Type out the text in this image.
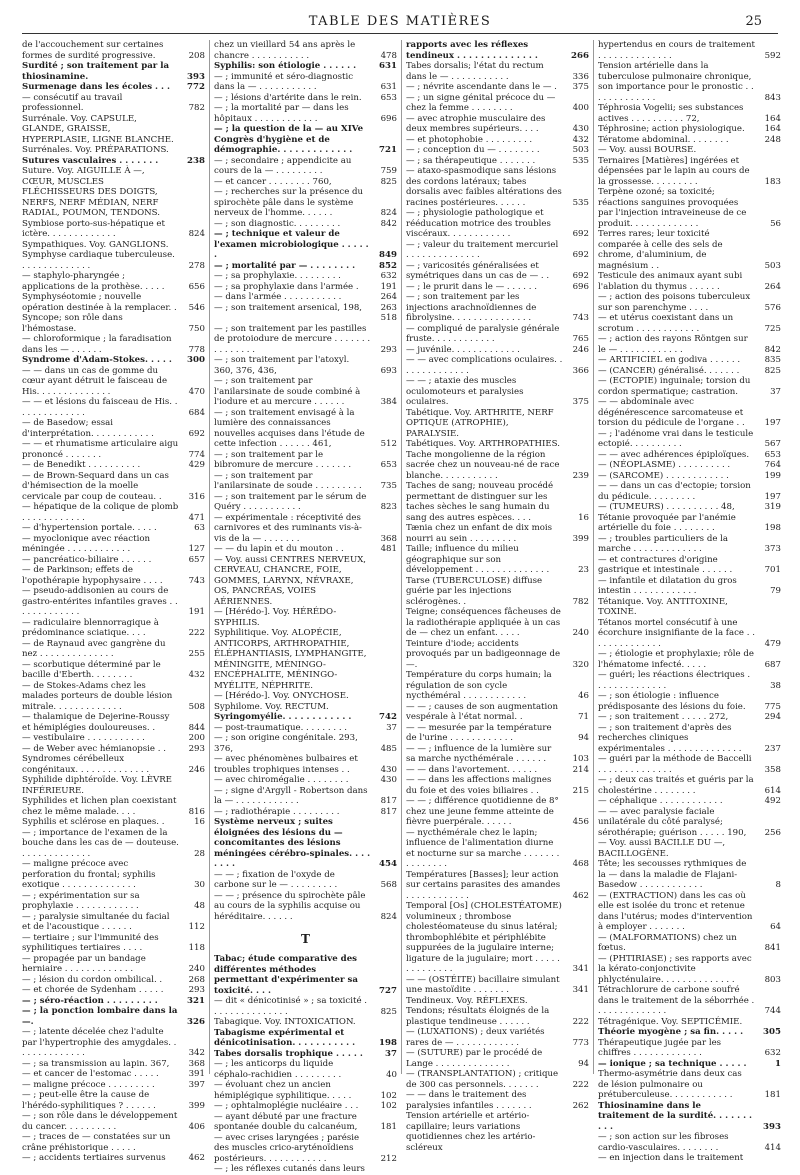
TABLE DES MATIÈRES	25
de l'accouchement sur certaines formes de surdité progressive.	208
Surdité ; son traitement par la thiosinamine.	393
Surmenage dans les écoles . . .	772
— consécutif au travail professionnel.	782
Surrénale. Voy. CAPSULE, GLANDE, GRAISSE, HYPERPLASIE, LIGNE BLANCHE.
Surrénales. Voy. PRÉPARATIONS.
Sutures vasculaires . . . . . . .	238
Suture. Voy. AIGUILLE À —, CŒUR, MUSCLES FLÉCHISSEURS DES DOIGTS, NERFS, NERF MÉDIAN, NERF RADIAL, POUMON, TENDONS.
Symbiose porto-sus-hépatique et ictère. . . . . . . . . . . . .	824
Sympathiques. Voy. GANGLIONS.
Symphyse cardiaque tuberculeuse. . . . . . . . . . . . . .	278
— staphylo-pharyngée ; applications de la prothèse. . . . .	656
Symphyséotomie ; nouvelle opération destinée à la remplacer. . 546
Syncope; son rôle dans l'hémostase.	750
— chloroformique ; la faradisation dans les — . . . . . .	778
Syndrome d'Adam-Stokes. . . . .	300
— — dans un cas de gomme du cœur ayant détruit le faisceau de His. . . . . . . . . . . . . .	470
— — et lésions du faisceau de His. . . . . . . . . . . . . .	684
— de Basedow; essai d'interprétation. . . . . . . . . . . .	692
— — et rhumatisme articulaire aigu prononcé . . . . . . .	774
— de Benedikt . . . . . . . . . .	429
— de Brown-Sequard dans un cas d'hémisection de la moelle cervicale par coup de couteau. .	316
— hépatique de la colique de plomb . . . . . . . . . . . .	471
— d'hypertension portale. . . . .	63
— myoclonique avec réaction méningée . . . . . . . . . . . .	127
— pancréatico-biliaire . . . . . .	657
— de Parkinson; effets de l'opothérapie hypophysaire . . . .	743
— pseudo-addisonien au cours de gastro-entérites infantiles graves . . . . . . . . . . . . .	191
— radiculaire blennorragique à prédominance sciatique. . . .	222
— de Raynaud avec gangrène du nez . . . . . . . . . . . . . .	255
— scorbutique déterminé par le bacille d'Eberth. . . . . . . .	432
— de Stokes-Adams chez les malades porteurs de double lésion mitrale. . . . . . . . . . . . .	508
— thalamique de Dejerine-Roussy et hémiplégies douloureuses. .	844
— vestibulaire . . . . . . . . . . .	200
— de Weber avec hémianopsie . .	293
Syndromes cérébelleux congénitaux. . . . . . . . . . . . . .	246
Syphilide diphtéroïde. Voy. LÈVRE INFÉRIEURE.
Syphilides et lichen plan coexistant chez le même malade. . . .	816
Syphilis et sclérose en plaques. .	16
— ; importance de l'examen de la bouche dans les cas de — douteuse. . . . . . . . . . . . . .	28
— maligne précoce avec perforation du frontal; syphilis exotique . . . . . . . . . . . . . .	30
— ; expérimentation sur sa prophylaxie . . . . . . . . . . . .	48
— ; paralysie simultanée du facial et de l'acoustique . . . . . .	112
— tertiaire ; sur l'immunité des syphilitiques tertiaires . . . .	118
— propagée par un bandage herniaire . . . . . . . . . . . . .	240
— ; lésion du cordon ombilical. .	268
— et chorée de Sydenham . . . . .	293
— ; séro-réaction . . . . . . . . .	321
— ; la ponction lombaire dans la —.	326
— ; latente décelée chez l'adulte par l'hypertrophie des amygdales. . . . . . . . . . . . . .	342
— ; sa transmission au lapin. 367,	368
— et cancer de l'estomac . . . . .	391
— maligne précoce . . . . . . . . .	397
— ; peut-elle être la cause de l'hérédo-syphilitiques ? . . . . . .	399
— ; son rôle dans le développement du cancer. . . . . . . . . .	406
— ; traces de — constatées sur un crâne préhistorique . . . . .
— ; accidents tertiaires survenus	462
chez un vieillard 54 ans après le chancre . . . . . . . . . . .	478
Syphilis: son étiologie . . . . . .	631
— ; immunité et séro-diagnostic dans la — . . . . . . . . . . .	631
— ; lésions d'artérite dans le rein.	653
— ; la mortalité par — dans les hôpitaux . . . . . . . . . . . .	696
— ; la question de la — au XIVe Congrès d'hygiène et de démographie. . . . . . . . . . . . .	721
— ; secondaire ; appendicite au cours de la — . . . . . . . . .	759
— et cancer . . . . . . . . 760,	825
— ; recherches sur la présence du spirochète pâle dans le système nerveux de l'homme. . . . . .	824
— ; son diagnostic. . . . . . . . .	842
— ; technique et valeur de l'examen microbiologique . . . . . .	849
— ; mortalité par — . . . . . . . .	852
— ; sa prophylaxie. . . . . . . . .	632
— ; sa prophylaxie dans l'armée .	191
— dans l'armée . . . . . . . . . . .	264
— ; son traitement arsenical, 198,	263
518
— ; son traitement par les pastilles de protoiodure de mercure . . . . . . . . . . . . . . .	293
— ; son traitement par l'atoxyl. 360, 376, 436,	693
— ; son traitement par l'anilarsinate de soude combiné à l'iodure et au mercure . . . . . .	384
— ; son traitement envisagé à la lumière des connaissances nouvelles acquises dans l'étude de cette infection . . . . . . 461,	512
— ; son traitement par le bibromure de mercure . . . . . . .	653
— ; son traitement par l'anilarsinate de soude . . . . . . . . .	735
— ; son traitement par le sérum de Quéry . . . . . . . . . . .	823
— expérimentale : réceptivité des carnivores et des ruminants vis-à-vis de la — . . . . . . .	368
— — du lapin et du mouton . .	481
— Voy. aussi CENTRES NERVEUX, CERVEAU, CHANCRE, FOIE, GOMMES, LARYNX, NÉVRAXE, OS, PANCRÉAS, VOIES AÉRIENNES.
— [Hérédo-]. Voy. HÉRÉDO-SYPHILIS.
Syphilitique. Voy. ALOPÉCIE, ANTICORPS, ARTHROPATHIE, ÉLÉPHANTIASIS, LYMPHANGITE, MÉNINGITE, MÉNINGO-ENCÉPHALITE, MÉNINGO-MYÉLITE, NÉPHRITE.
— [Hérédo-]. Voy. ONYCHOSE.
Syphilome. Voy. RECTUM.
Syringomyélie. . . . . . . . . . . .	742
— post-traumatique. . . . . . . . .	37
— ; son origine congénitale. 293, 376,	485
— avec phénomènes bulbaires et troubles trophiques intenses . .	430
— avec chiromégalie . . . . . . . .	430
— ; signe d'Argyll - Robertson dans la — . . . . . . . . . . . .	817
— ; radiothérapie . . . . . . . . .	817
Système nerveux ; suites éloignées des lésions du — concomitantes des lésions méningées cérébro-spinales. . . . . . . .	454
— — ; fixation de l'oxyde de carbone sur le — . . . . . . . . .	568
— — ; présence du spirochète pâle au cours de la syphilis acquise ou héréditaire. . . . . .	824
T
Tabac; étude comparative des différentes méthodes permettant d'expérimenter sa toxicité. . . .	727
— dit « dénicotinisé » ; sa toxicité . . . . . . . . . . . . . . .	825
Tabagique. Voy. INTOXICATION.
Tabagisme expérimental et dénicotinisation. . . . . . . . . . .	198
Tabes dorsalis trophique . . . . .	37
— ; les anticorps du liquide céphalo-rachidien . . . . . . . . .	40
— évoluant chez un ancien hémiplégique syphilitique. . . . .	102
— ; ophtalmoplégie nucléaire . . .	102
— ayant débuté par une fracture spontanée double du calcanéum,	181
— avec crises laryngées ; parésie des muscles crico-aryténoïdiens postérieurs. . . . . . . . . . . .	212
— ; les réflexes cutanés dans leurs
rapports avec les réflexes tendineux . . . . . . . . . . . . . .	266
Tabes dorsalis; l'état du rectum dans le — . . . . . . . . . . .	336
— ; névrite ascendante dans le — .	375
— ; un signe génital précoce du — chez la femme . . . . . . . .	400
— avec atrophie musculaire des deux membres supérieurs. . . .	430
— et photophobie . . . . . . . . .	432
— ; conception du — . . . . . . . .	503
— ; sa thérapeutique . . . . . . .	535
— ataxo-spasmodique sans lésions des cordons latéraux; tabes dorsalis avec faibles altérations des racines postérieures. . . . . .	535
— ; physiologie pathologique et rééducation motrice des troubles viscéraux. . . . . . . . . . . .	692
— ; valeur du traitement mercuriel . . . . . . . . . . . . . .	692
— ; varicosités généralisées et symétriques dans un cas de — . .	692
— ; le prurit dans le — . . . . . .	696
— ; son traitement par les injections arachnoïdiennes de fibrolysine. . . . . . . . . . . . . . .	743
— compliqué de paralysie générale fruste. . . . . . . . . . . .	765
— juvénile. . . . . . . . . . . . .	246
— — avec complications oculaires. . . . . . . . . . . . . .	366
— — ; ataxie des muscles oculomoteurs et paralysies oculaires.	375
Tabétique. Voy. ARTHRITE, NERF OPTIQUE (ATROPHIE), PARALYSIE.
Tabétiques. Voy. ARTHROPATHIES.
Tache mongolienne de la région sacrée chez un nouveau-né de race blanche. . . . . . . . . . .	239
Taches de sang; nouveau procédé permettant de distinguer sur les taches sèches le sang humain du sang des autres espèces. . . .	16
Tænia chez un enfant de dix mois nourri au sein . . . . . . . . .	399
Taille; influence du milieu géographique sur son développement . . . . . . . . . . . . . .	23
Tarse (TUBERCULOSE) diffuse guérie par les injections sclérogènes. .	782
Teigne; conséquences fâcheuses de la radiothérapie appliquée à un cas de — chez un enfant. . . . .	240
Teinture d'iode; accidents provoqués par un badigeonnage de —.	320
Température du corps humain; la régulation de son cycle nycthéméral . . . . . . . . . . . .	46
— — ; causes de son augmentation vespérale à l'état normal. .	71
— — mesurée par la température de l'urine . . . . . . . . . . . .	94
— — ; influence de la lumière sur sa marche nycthémérale . . . . . .	103
— — dans l'avortement. . . . . .	214
— — dans les affections malignes du foie et des voies biliaires . .	215
— — ; différence quotidienne de 8° chez une jeune femme atteinte de fièvre puerpérale. . . . . .	456
— nycthémérale chez le lapin; influence de l'alimentation diurne et nocturne sur sa marche . . . . . . . . . . . . . . .	468
Températures [Basses]; leur action sur certains parasites des amandes . . . . . . . . . . . .	462
Temporal [Os] (CHOLESTÉATOME) volumineux ; thrombose cholestéomateuse du sinus latéral; thrombophlébite et périphlébite suppurées de la jugulaire interne; ligature de la jugulaire; mort . . . . . . . . . . . . . .	341
— — (OSTÉITE) bacillaire simulant une mastoïdite . . . . . . .	341
Tendineux. Voy. RÉFLEXES.
Tendons; résultats éloignés de la plastique tendineuse . . . . . .	222
— (LUXATIONS) ; deux variétés rares de — . . . . . . . . . . . .	773
— (SUTURE) par le procédé de Lange . . . . . . . . . . . . . .	94
— (TRANSPLANTATION) ; critique de 300 cas personnels. . . . . . .	222
— — dans le traitement des paralysies infantiles . . . . . . .	262
Tension artérielle et artério-capillaire; leurs variations quotidiennes chez les artério-scléreux
hypertendus en cours de traitement . . . . . . . . . . . . . .	592
Tension artérielle dans la tuberculose pulmonaire chronique, son importance pour le pronostic . . . . . . . . . . . . .	843
Téphrosia Vogelii; ses substances actives . . . . . . . . . . 72,	164
Téphrosine; action physiologique.	164
Tératome abdominal. . . . . . . .	248
— Voy. aussi BOURSE.
Ternaires [Matières] ingérées et dépensées par le lapin au cours de la grossesse. . . . . . . . .	183
Terpène ozoné; sa toxicité; réactions sanguines provoquées par l'injection intraveineuse de ce produit. . . . . . . . . . . . .	56
Terres rares; leur toxicité comparée à celle des sels de chrome, d'aluminium, de magnésium . .	503
Testicule des animaux ayant subi l'ablation du thymus . . . . . .	264
— ; action des poisons tuberculeux sur son parenchyme . . . .	576
— et utérus coexistant dans un scrotum . . . . . . . . . . . .	725
— ; action des rayons Röntgen sur le — . . . . . . . . . . . .	842
— ARTIFICIEL en godiva . . . . . .	835
— (CANCER) généralisé. . . . . . .	825
— (ECTOPIE) inguinale; torsion du cordon spermatique; castration.	37
— — abdominale avec dégénérescence sarcomateuse et torsion du pédicule de l'organe . .	197
— ; l'adénome vrai dans le testicule ectopié. . . . . . . . . .	567
— — avec adhérences épiploïques.	653
— (NÉOPLASME) . . . . . . . . . .	764
— (SARCOME) . . . . . . . . . . . .	199
— — dans un cas d'ectopie; torsion du pédicule. . . . . . . . .	197
— (TUMEURS) . . . . . . . . . . 48,	319
Tétanie provoquée par l'anémie artérielle du foie . . . . . . . .	198
— ; troubles particuliers de la marche . . . . . . . . . . . . .	373
— et contractures d'origine gastrique et intestinale . . . . . .	701
— infantile et dilatation du gros intestin . . . . . . . . . . . .	79
Tétanique. Voy. ANTITOXINE, TOXINE.
Tétanos mortel consécutif à une écorchure insignifiante de la face . . . . . . . . . . . . . .	479
— ; étiologie et prophylaxie; rôle de l'hématome infecté. . . . .	687
— guéri; les réactions électriques . . . . . . . . . . . . . .	38
— ; son étiologie : influence prédisposante des lésions du foie.	775
— ; son traitement . . . . . 272,	294
— ; son traitement d'après des recherches cliniques expérimentales . . . . . . . . . . . . . .	237
— guéri par la méthode de Baccelli . . . . . . . . . . . . . .	358
— ; deux cas traités et guéris par la cholestérine . . . . . . . .	614
— céphalique . . . . . . . . . . . .	492
— — avec paralysie faciale unilatérale du côté paralysé; sérothérapie; guérison . . . . . 190,	256
— Voy. aussi BACILLE DU —, BACILLOGÈNE.
Tête; les secousses rythmiques de la — dans la maladie de Flajani-Basedow . . . . . . . . . . . .	8
— (EXTRACTION) dans les cas où elle est isolée du tronc et retenue dans l'utérus; modes d'intervention à employer . . . . . . .	64
— (MALFORMATIONS) chez un fœtus.	841
— (PHTIRIASE) ; ses rapports avec la kérato-conjonctivite phlycténulaire. . . . . . . . . . . . . .	803
Tétrachlorure de carbone soufré dans le traitement de la séborrhée . . . . . . . . . . . . . .	744
Tétragénique. Voy. SEPTICÉMIE.
Théorie myogène ; sa fin. . . . .	305
Thérapeutique jugée par les chiffres . . . . . . . . . . . . .	632
— ionique ; sa technique . . . . .	1
Thermo-asymétrie dans deux cas de lésion pulmonaire ou prétuberculeuse. . . . . . . . . . . .	181
Thiosinamine dans le traitement de la surdité. . . . . . . . . .	393
— ; son action sur les fibroses cardio-vasculaires. . . . . . . .	414
— en injection dans le traitement
